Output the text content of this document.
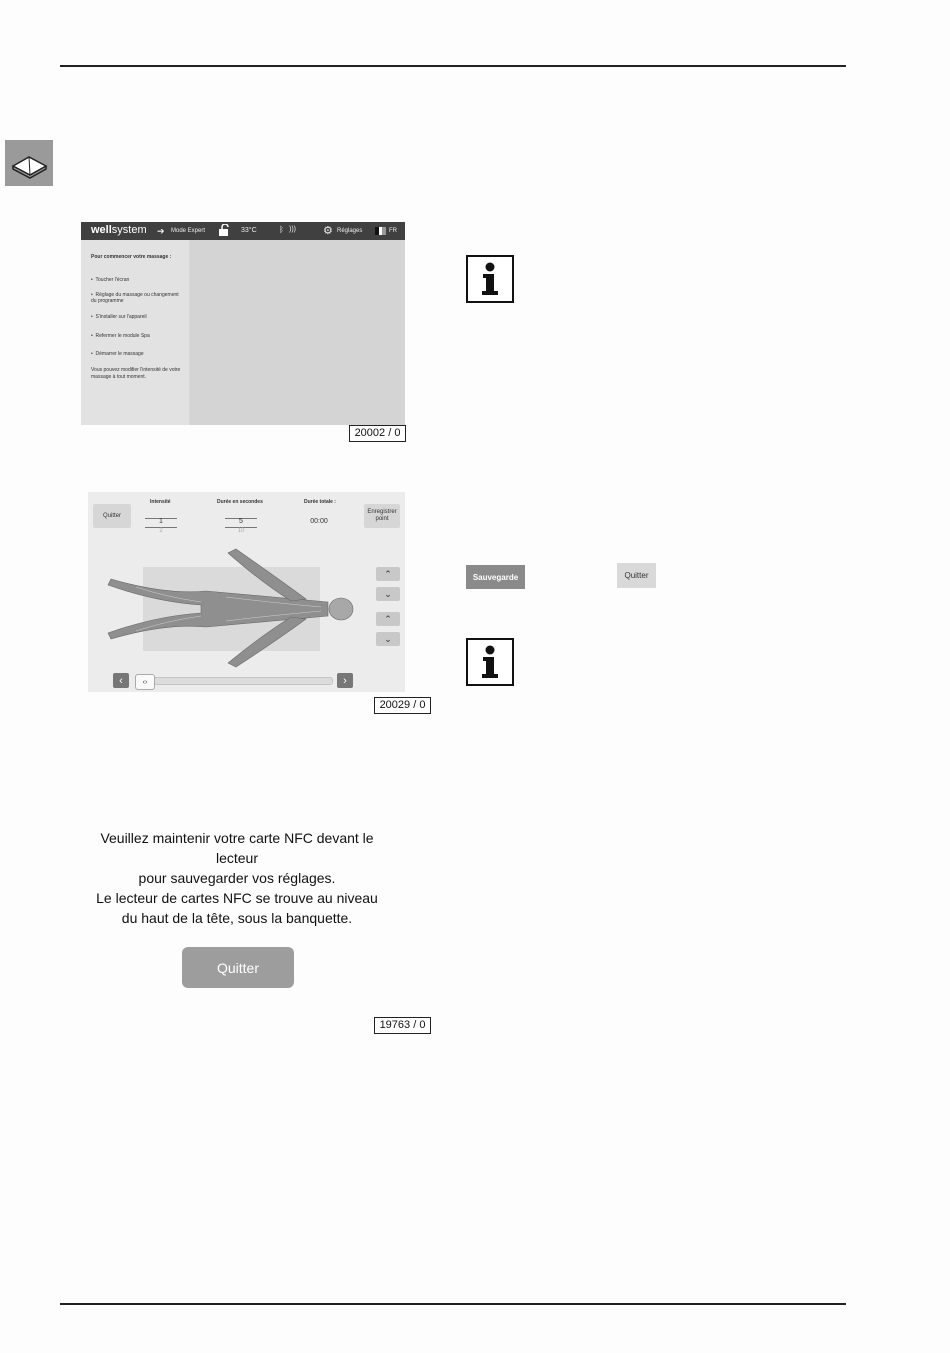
wellsystem ➔ Mode Expert	33°C	ᛒ ))) ⚙ Réglages	FR
Pour commencer votre massage :
•  Toucher l'écran
•  Réglage du massage ou changement du programme
•  S'installer sur l'appareil
•  Refermer le module Spa
•  Démarrer le massage
Vous pouvez modifier l'intensité de votre massage à tout moment.
20002 / 0
Quitter
Intensité
1
2
Durée en secondes
5
10
Durée totale :
00:00
Enregistrer point
⌃
⌄
⌃
⌄
‹	‹›	›
20029 / 0
Sauvegarde	Quitter
Veuillez maintenir votre carte NFC devant le lecteur
pour sauvegarder vos réglages.
Le lecteur de cartes NFC se trouve au niveau
du haut de la tête, sous la banquette.
Quitter
19763 / 0
